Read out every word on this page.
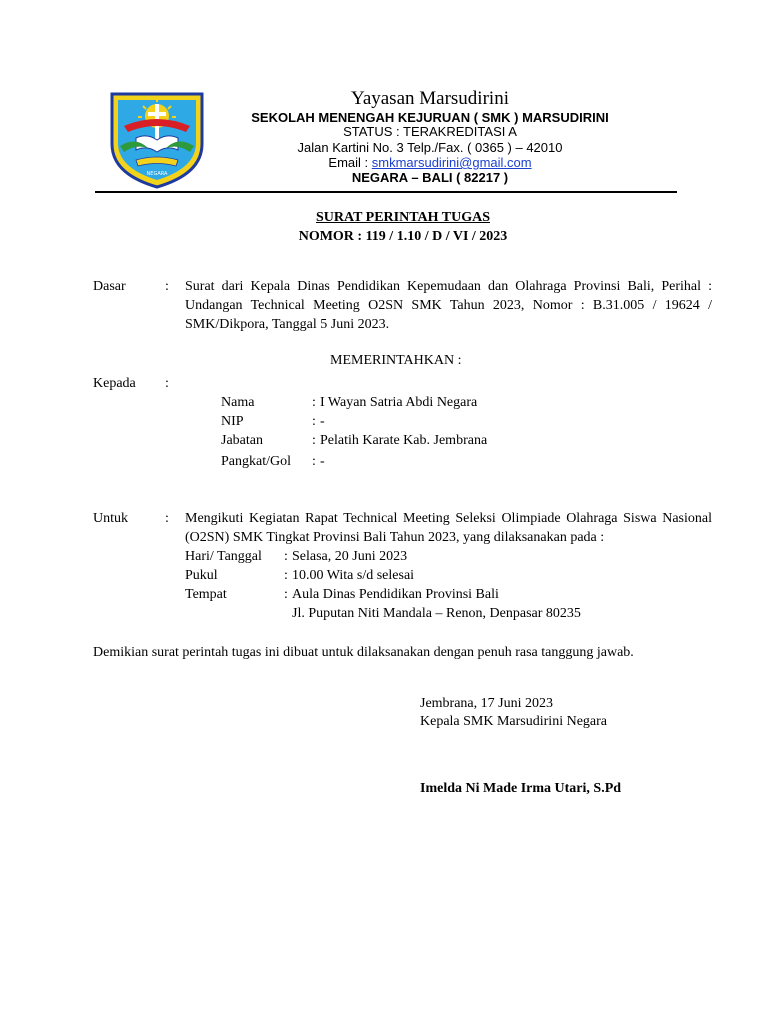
NEGARA
Yayasan Marsudirini
SEKOLAH MENENGAH KEJURUAN ( SMK ) MARSUDIRINI
STATUS : TERAKREDITASI A
Jalan Kartini No. 3 Telp./Fax. ( 0365 ) – 42010
Email : smkmarsudirini@gmail.com
NEGARA – BALI ( 82217 )
SURAT PERINTAH TUGAS
NOMOR : 119 / 1.10 / D / VI / 2023
Dasar	: Surat dari Kepala Dinas Pendidikan Kepemudaan dan Olahraga Provinsi Bali, Perihal : Undangan Technical Meeting O2SN SMK Tahun 2023, Nomor : B.31.005 / 19624 / SMK/Dikpora, Tanggal 5 Juni 2023.
MEMERINTAHKAN :
Kepada :
Nama	: I Wayan Satria Abdi Negara
NIP	: -
Jabatan	: Pelatih Karate Kab. Jembrana
Pangkat/Gol : -
Untuk	: Mengikuti Kegiatan Rapat Technical Meeting Seleksi Olimpiade Olahraga Siswa Nasional (O2SN) SMK Tingkat Provinsi Bali Tahun 2023, yang dilaksanakan pada :
Hari/ Tanggal : Selasa, 20 Juni 2023
Pukul	: 10.00 Wita s/d selesai
Tempat	: Aula Dinas Pendidikan Provinsi Bali
Jl. Puputan Niti Mandala – Renon, Denpasar 80235
Demikian surat perintah tugas ini dibuat untuk dilaksanakan dengan penuh rasa tanggung jawab.
Jembrana, 17 Juni 2023
Kepala SMK Marsudirini Negara
Imelda Ni Made Irma Utari, S.Pd
